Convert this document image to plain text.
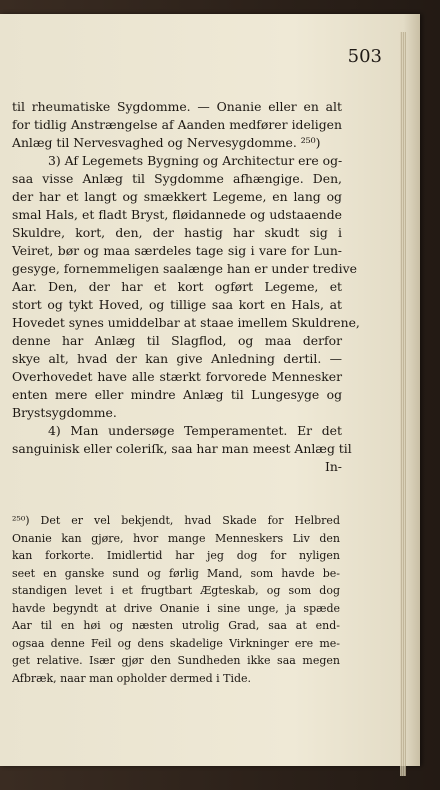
503
til rheumatiske Sygdomme. — Onanie eller en alt
for tidlig Anstrængelse af Aanden medfører ideligen
Anlæg til Nervesvaghed og Nervesygdomme. ²⁵⁰)
3) Af Legemets Bygning og Architectur ere og-
saa visse Anlæg til Sygdomme afhængige. Den,
der har et langt og smækkert Legeme, en lang og
smal Hals, et fladt Bryst, fløidannede og udstaaende
Skuldre, kort, den, der hastig har skudt sig i
Veiret, bør og maa særdeles tage sig i vare for Lun-
gesyge, fornemmeligen saalænge han er under tredive
Aar. Den, der har et kort ogført Legeme, et
stort og tykt Hoved, og tillige saa kort en Hals, at
Hovedet synes umiddelbar at staae imellem Skuldrene,
denne har Anlæg til Slagflod, og maa derfor
skye alt, hvad der kan give Anledning dertil. —
Overhovedet have alle stærkt forvorede Mennesker
enten mere eller mindre Anlæg til Lungesyge og
Brystsygdomme.
4) Man undersøge Temperamentet. Er det
sanguinisk eller coleriſk, saa har man meest Anlæg til
In-
²⁵⁰) Det er vel bekjendt, hvad Skade for Helbred
Onanie kan gjøre, hvor mange Menneskers Liv den
kan forkorte. Imidlertid har jeg dog for nyligen
seet en ganske sund og førlig Mand, som havde be-
standigen levet i et frugtbart Ægteskab, og som dog
havde begyndt at drive Onanie i sine unge, ja spæde
Aar til en høi og næsten utrolig Grad, saa at end-
ogsaa denne Feil og dens skadelige Virkninger ere me-
get relative. Især gjør den Sundheden ikke saa megen
Afbræk, naar man opholder dermed i Tide.
